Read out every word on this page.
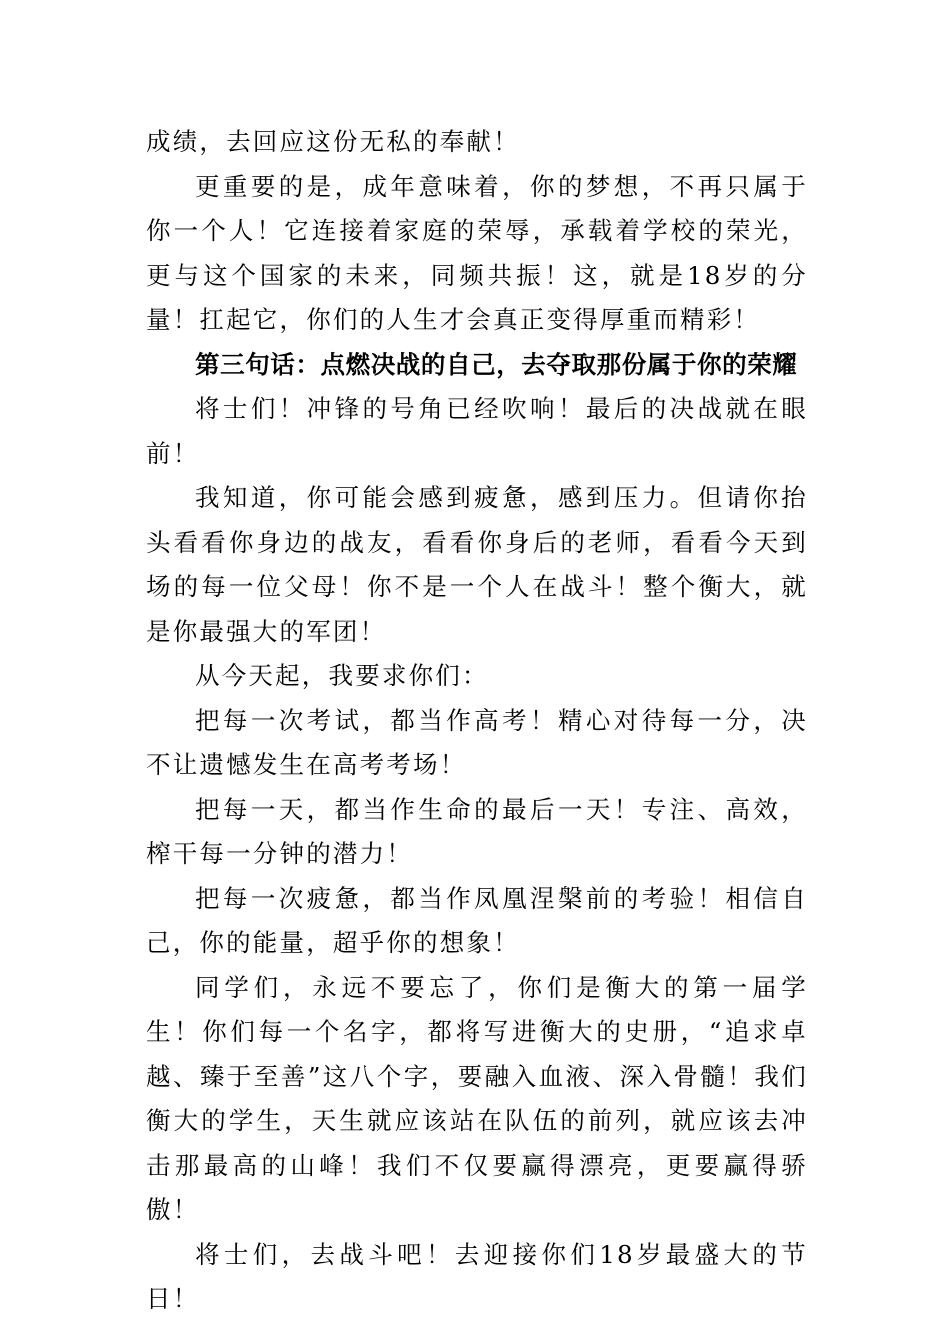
成绩，去回应这份无私的奉献！

更重要的是，成年意味着，你的梦想，不再只属于你一个人！它连接着家庭的荣辱，承载着学校的荣光，更与这个国家的未来，同频共振！这，就是18岁的分量！扛起它，你们的人生才会真正变得厚重而精彩！

第三句话：点燃决战的自己，去夺取那份属于你的荣耀

将士们！冲锋的号角已经吹响！最后的决战就在眼前！

我知道，你可能会感到疲惫，感到压力。但请你抬头看看你身边的战友，看看你身后的老师，看看今天到场的每一位父母！你不是一个人在战斗！整个衡大，就是你最强大的军团！

从今天起，我要求你们：

把每一次考试，都当作高考！精心对待每一分，决不让遗憾发生在高考考场！

把每一天，都当作生命的最后一天！专注、高效，榨干每一分钟的潜力！

把每一次疲惫，都当作凤凰涅槃前的考验！相信自己，你的能量，超乎你的想象！

同学们，永远不要忘了，你们是衡大的第一届学生！你们每一个名字，都将写进衡大的史册，“追求卓越、臻于至善”这八个字，要融入血液、深入骨髓！我们衡大的学生，天生就应该站在队伍的前列，就应该去冲击那最高的山峰！我们不仅要赢得漂亮，更要赢得骄傲！

将士们，去战斗吧！去迎接你们18岁最盛大的节日！
